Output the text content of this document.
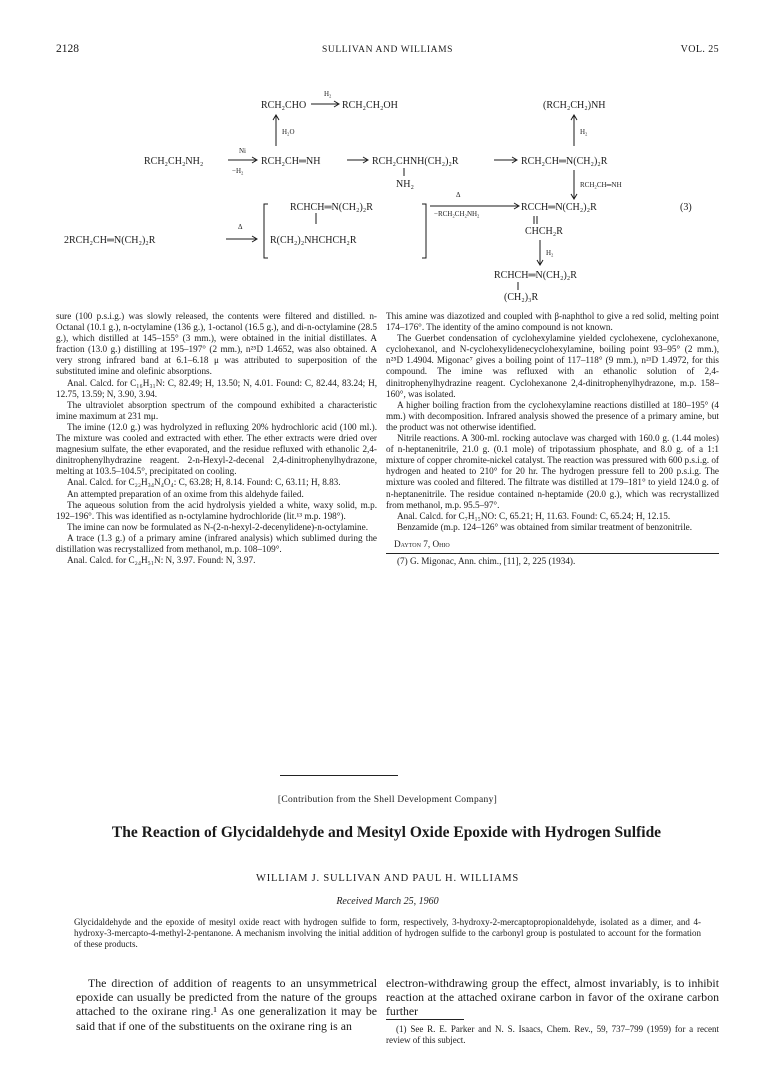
2128	SULLIVAN AND WILLIAMS	VOL. 25
RCH₂CHO
H₂
RCH₂CH₂OH	(RCH₂CH₂)NH
H₂O	H₂
RCH₂CH₂NH₂
Ni
−H₂
RCH₂CH═NH	RCH₂CHNH(CH₂)₂R
NH₂
RCH₂CH═N(CH₂)₂R
RCH₂CH═NH
RCHCH═N(CH₂)₂R
2RCH₂CH═N(CH₂)₂R
Δ
R(CH₂)₂NHCHCH₂R
Δ
−RCH₂CH₂NH₂
RCCH═N(CH₂)₂R
CHCH₂R
(3)
H₂
RCHCH═N(CH₂)₂R
(CH₂)₃R

sure (100 p.s.i.g.) was slowly released, the contents were filtered and distilled. n-Octanal (10.1 g.), n-octylamine (136 g.), 1-octanol (16.5 g.), and di-n-octylamine (28.5 g.), which distilled at 145–155° (3 mm.), were obtained in the initial distillates. A fraction (13.0 g.) distilling at 195–197° (2 mm.), n²⁵D 1.4652, was also obtained. A very strong infrared band at 6.1–6.18 μ was attributed to superposition of the substituted imine and olefinic absorptions.

Anal. Calcd. for C₁₆H₃₁N: C, 82.49; H, 13.50; N, 4.01. Found: C, 82.44, 83.24; H, 12.75, 13.59; N, 3.90, 3.94.

The ultraviolet absorption spectrum of the compound exhibited a characteristic imine maximum at 231 mμ.

The imine (12.0 g.) was hydrolyzed in refluxing 20% hydrochloric acid (100 ml.). The mixture was cooled and extracted with ether. The ether extracts were dried over magnesium sulfate, the ether evaporated, and the residue refluxed with ethanolic 2,4-dinitrophenylhydrazine reagent. 2-n-Hexyl-2-decenal 2,4-dinitrophenylhydrazone, melting at 103.5–104.5°, precipitated on cooling.

Anal. Calcd. for C₂₂H₃₄N₄O₄: C, 63.28; H, 8.14. Found: C, 63.11; H, 8.83.

An attempted preparation of an oxime from this aldehyde failed.

The aqueous solution from the acid hydrolysis yielded a white, waxy solid, m.p. 192–196°. This was identified as n-octylamine hydrochloride (lit.¹³ m.p. 198°).

The imine can now be formulated as N-(2-n-hexyl-2-decenylidene)-n-octylamine.

A trace (1.3 g.) of a primary amine (infrared analysis) which sublimed during the distillation was recrystallized from methanol, m.p. 108–109°.

Anal. Calcd. for C₂₄H₅₁N: N, 3.97. Found: N, 3.97.

This amine was diazotized and coupled with β-naphthol to give a red solid, melting point 174–176°. The identity of the amino compound is not known.

The Guerbet condensation of cyclohexylamine yielded cyclohexene, cyclohexanone, cyclohexanol, and N-cyclohexylidenecyclohexylamine, boiling point 93–95° (2 mm.), n²⁵D 1.4904. Migonac⁷ gives a boiling point of 117–118° (9 mm.), n²¹D 1.4972, for this compound. The imine was refluxed with an ethanolic solution of 2,4-dinitrophenylhydrazine reagent. Cyclohexanone 2,4-dinitrophenylhydrazone, m.p. 158–160°, was isolated.

A higher boiling fraction from the cyclohexylamine reactions distilled at 180–195° (4 mm.) with decomposition. Infrared analysis showed the presence of a primary amine, but the product was not otherwise identified.

Nitrile reactions. A 300-ml. rocking autoclave was charged with 160.0 g. (1.44 moles) of n-heptanenitrile, 21.0 g. (0.1 mole) of tripotassium phosphate, and 8.0 g. of a 1:1 mixture of copper chromite-nickel catalyst. The reaction was pressured with 600 p.s.i.g. of hydrogen and heated to 210° for 20 hr. The hydrogen pressure fell to 200 p.s.i.g. The mixture was cooled and filtered. The filtrate was distilled at 179–181° to yield 124.0 g. of n-heptanenitrile. The residue contained n-heptamide (20.0 g.), which was recrystallized from methanol, m.p. 95.5–97°.

Anal. Calcd. for C₇H₁₅NO: C, 65.21; H, 11.63. Found: C, 65.24; H, 12.15.

Benzamide (m.p. 124–126° was obtained from similar treatment of benzonitrile.

Dayton 7, Ohio

(7) G. Migonac, Ann. chim., [11], 2, 225 (1934).

[Contribution from the Shell Development Company]
The Reaction of Glycidaldehyde and Mesityl Oxide Epoxide with Hydrogen Sulfide
WILLIAM J. SULLIVAN AND PAUL H. WILLIAMS
Received March 25, 1960
Glycidaldehyde and the epoxide of mesityl oxide react with hydrogen sulfide to form, respectively, 3-hydroxy-2-mercaptopropionaldehyde, isolated as a dimer, and 4-hydroxy-3-mercapto-4-methyl-2-pentanone. A mechanism involving the initial addition of hydrogen sulfide to the carbonyl group is postulated to account for the formation of these products.
The direction of addition of reagents to an unsymmetrical epoxide can usually be predicted from the nature of the groups attached to the oxirane ring.¹ As one generalization it may be said that if one of the substituents on the oxirane ring is an
electron-withdrawing group the effect, almost invariably, is to inhibit reaction at the attached oxirane carbon in favor of the oxirane carbon further
(1) See R. E. Parker and N. S. Isaacs, Chem. Rev., 59, 737–799 (1959) for a recent review of this subject.
